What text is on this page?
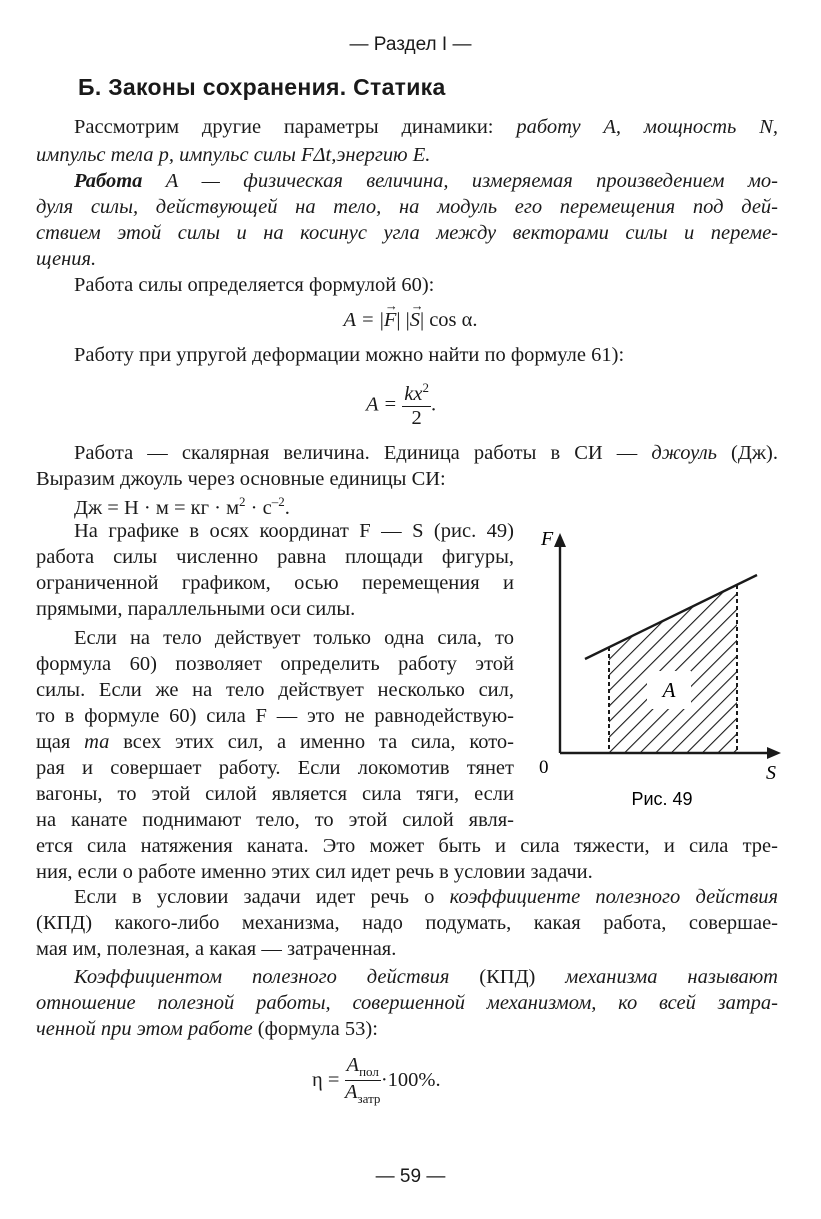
— Раздел I —
Б. Законы сохранения. Статика
Рассмотрим другие параметры динамики: работу А, мощность N,
импульс тела p, импульс силы FΔt,энергию Е.
Работа А — физическая величина, измеряемая произведением мо-
дуля силы, действующей на тело, на модуль его перемещения под дей-
ствием этой силы и на косинус угла между векторами силы и переме-
щения.
Работа силы определяется формулой 60):
A = |F
→
| |S
→
| cos α.
Работу при упругой деформации можно найти по формуле 61):
$A = \frac{kx^2}{2}$ .
Работа — скалярная величина. Единица работы в СИ — джоуль (Дж).
Выразим джоуль через основные единицы СИ:
Дж = Н · м = кг · $м^2 \cdot с^{-2}$.
На графике в осях координат F — S (рис. 49)
работа силы численно равна площади фигуры,
ограниченной графиком, осью перемещения и
прямыми, параллельными оси силы.
Если на тело действует только одна сила, то
формула 60) позволяет определить работу этой
силы. Если же на тело действует несколько сил,
то в формуле 60) сила F — это не равнодействую-
щая та всех этих сил, а именно та сила, кото-
рая и совершает работу. Если локомотив тянет
вагоны, то этой силой является сила тяги, если
на канате поднимают тело, то этой силой явля-
ется сила натяжения каната. Это может быть и сила тяжести, и сила тре-
ния, если о работе именно этих сил идет речь в условии задачи.
A
F
S
0
Рис. 49
Если в условии задачи идет речь о коэффициенте полезного действия
(КПД) какого-либо механизма, надо подумать, какая работа, совершае-
мая им, полезная, а какая — затраченная.
Коэффициентом полезного действия (КПД) механизма называют
отношение полезной работы, совершенной механизмом, ко всей затра-
ченной при этом работе (формула 53):
$\eta = \frac{A_{пол}}{A_{затр}} \cdot 100\%$.
— 59 —
